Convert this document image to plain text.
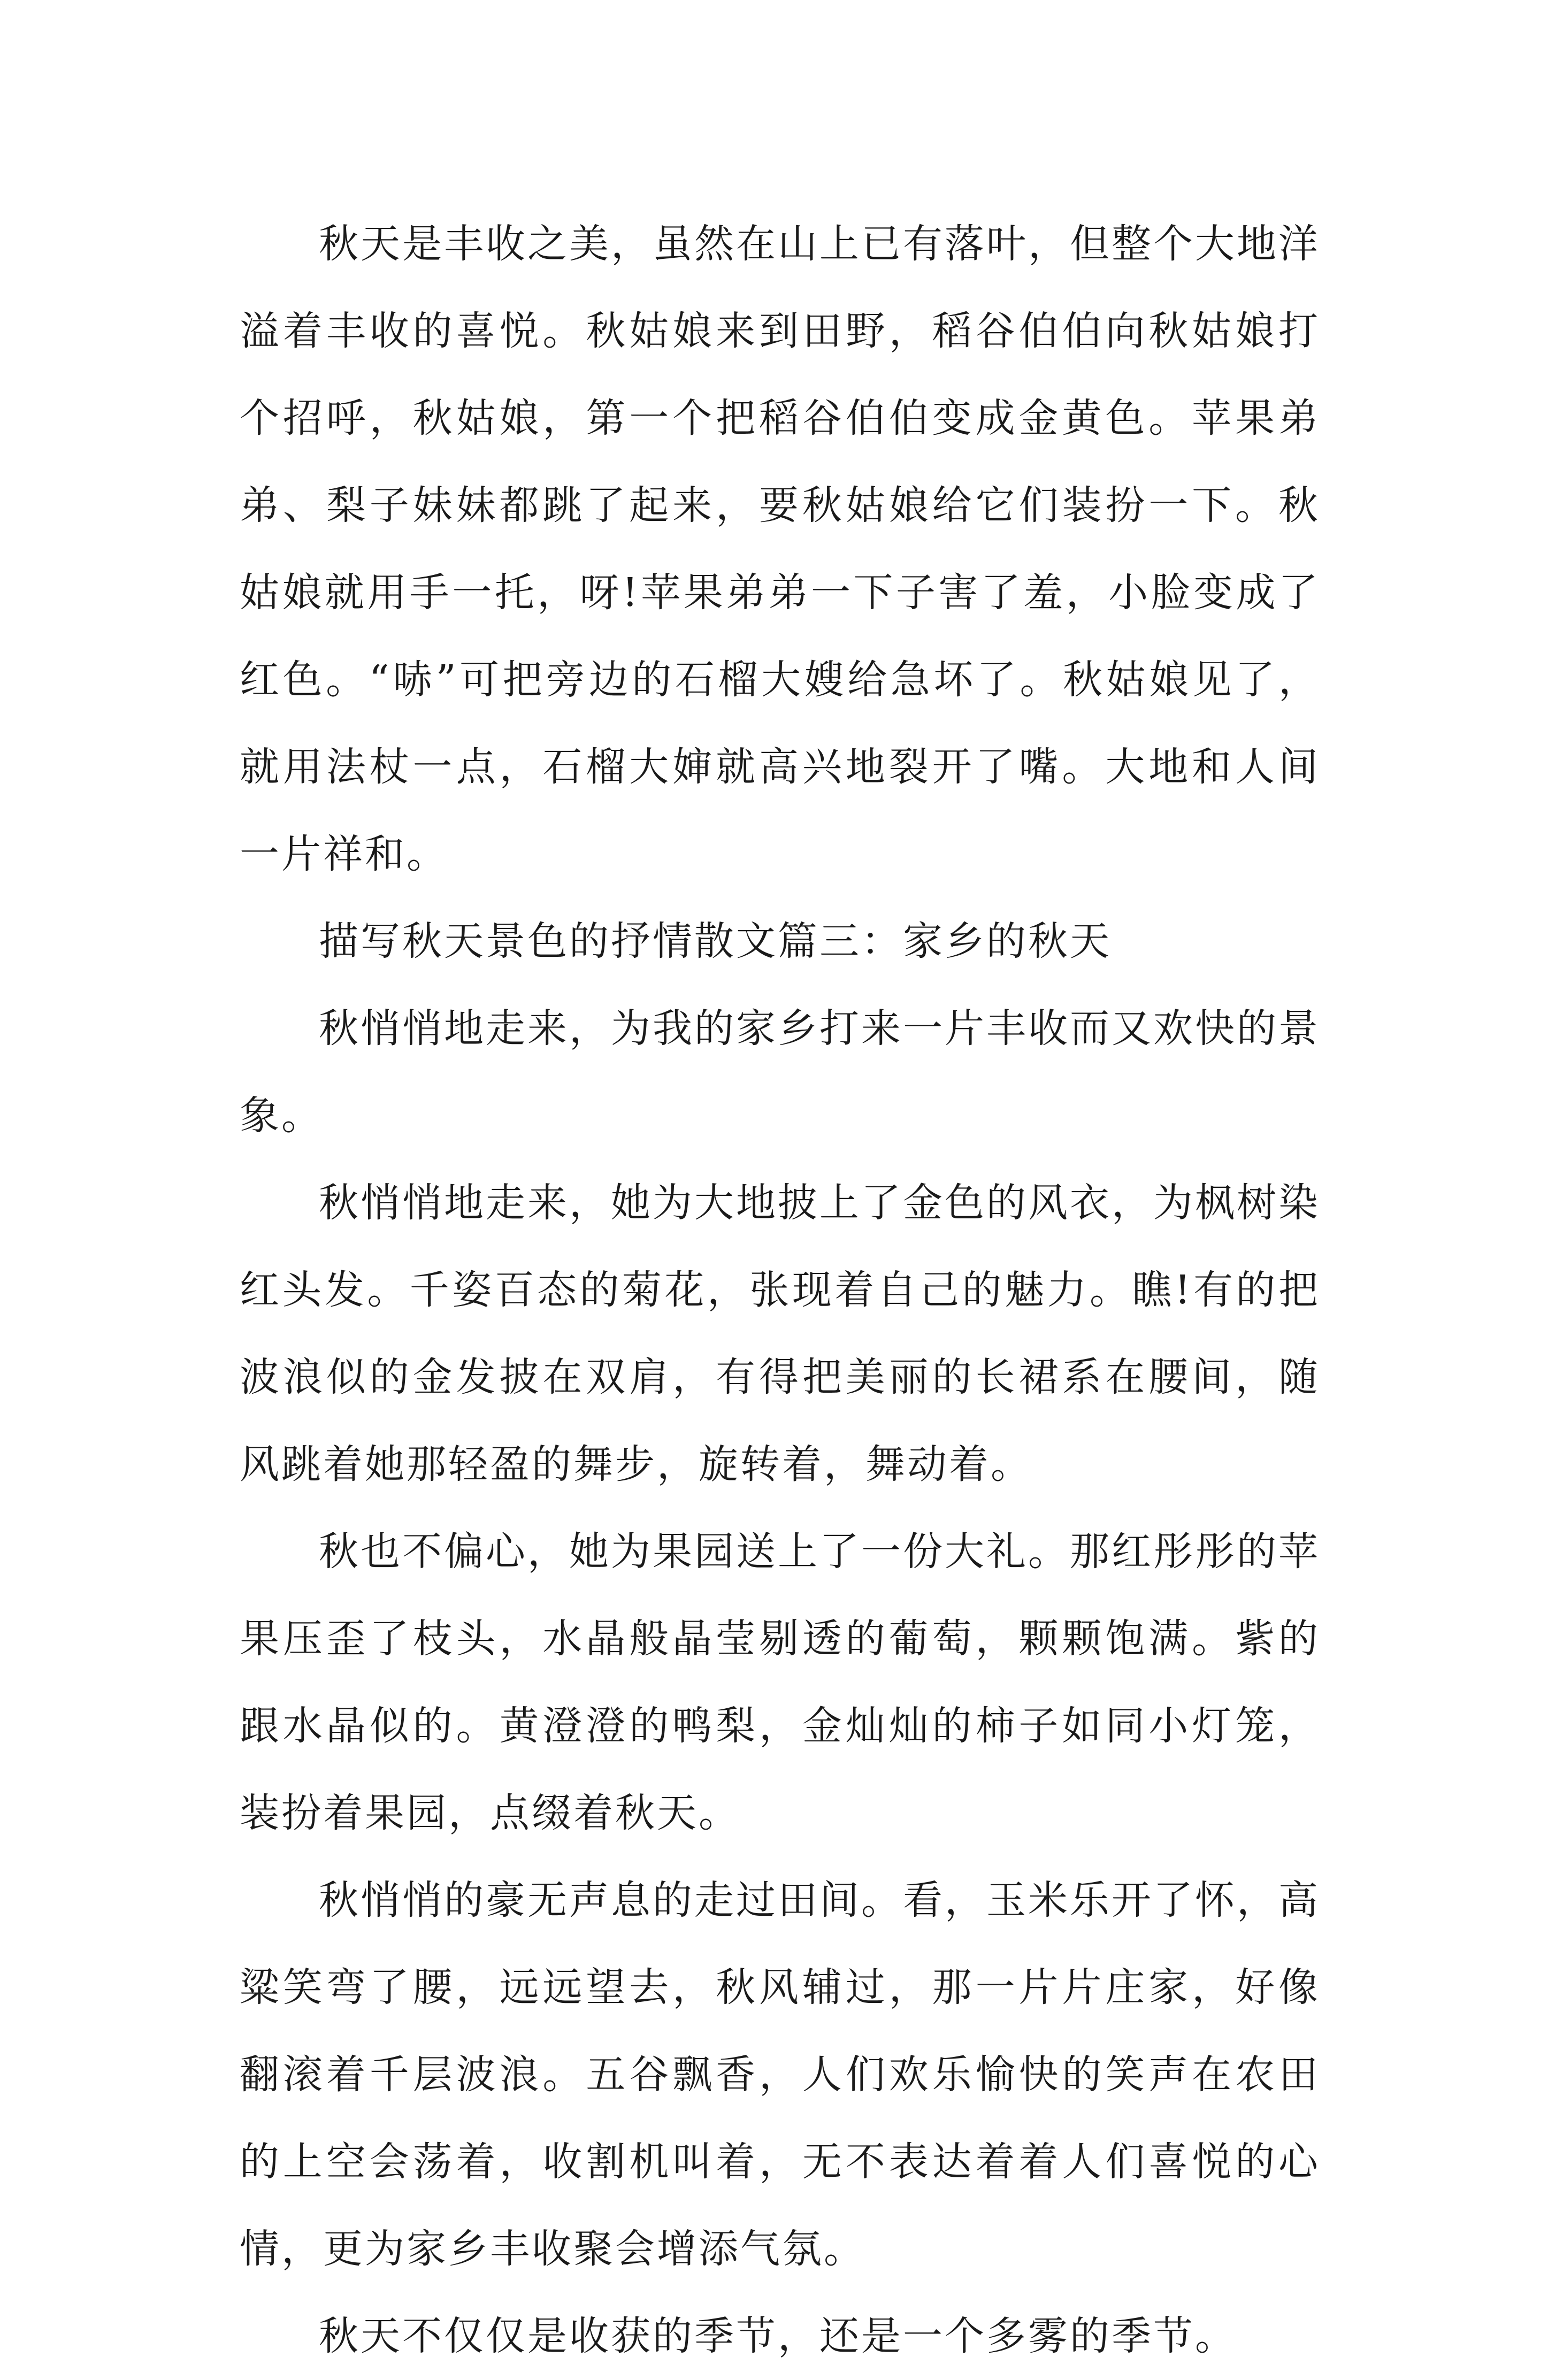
秋天是丰收之美，虽然在山上已有落叶，但整个大地洋溢着丰收的喜悦。秋姑娘来到田野，稻谷伯伯向秋姑娘打个招呼，秋姑娘，第一个把稻谷伯伯变成金黄色。苹果弟弟、梨子妹妹都跳了起来，要秋姑娘给它们装扮一下。秋姑娘就用手一托，呀!苹果弟弟一下子害了羞，小脸变成了红色。“哧”可把旁边的石榴大嫂给急坏了。秋姑娘见了，就用法杖一点，石榴大婶就高兴地裂开了嘴。大地和人间一片祥和。

描写秋天景色的抒情散文篇三：家乡的秋天

秋悄悄地走来，为我的家乡打来一片丰收而又欢快的景象。

秋悄悄地走来，她为大地披上了金色的风衣，为枫树染红头发。千姿百态的菊花，张现着自己的魅力。瞧!有的把波浪似的金发披在双肩，有得把美丽的长裙系在腰间，随风跳着她那轻盈的舞步，旋转着，舞动着。

秋也不偏心，她为果园送上了一份大礼。那红彤彤的苹果压歪了枝头，水晶般晶莹剔透的葡萄，颗颗饱满。紫的跟水晶似的。黄澄澄的鸭梨，金灿灿的柿子如同小灯笼，装扮着果园，点缀着秋天。

秋悄悄的豪无声息的走过田间。看，玉米乐开了怀，高粱笑弯了腰，远远望去，秋风辅过，那一片片庄家，好像翻滚着千层波浪。五谷飘香，人们欢乐愉快的笑声在农田的上空会荡着，收割机叫着，无不表达着着人们喜悦的心情，更为家乡丰收聚会增添气氛。

秋天不仅仅是收获的季节，还是一个多雾的季节。
